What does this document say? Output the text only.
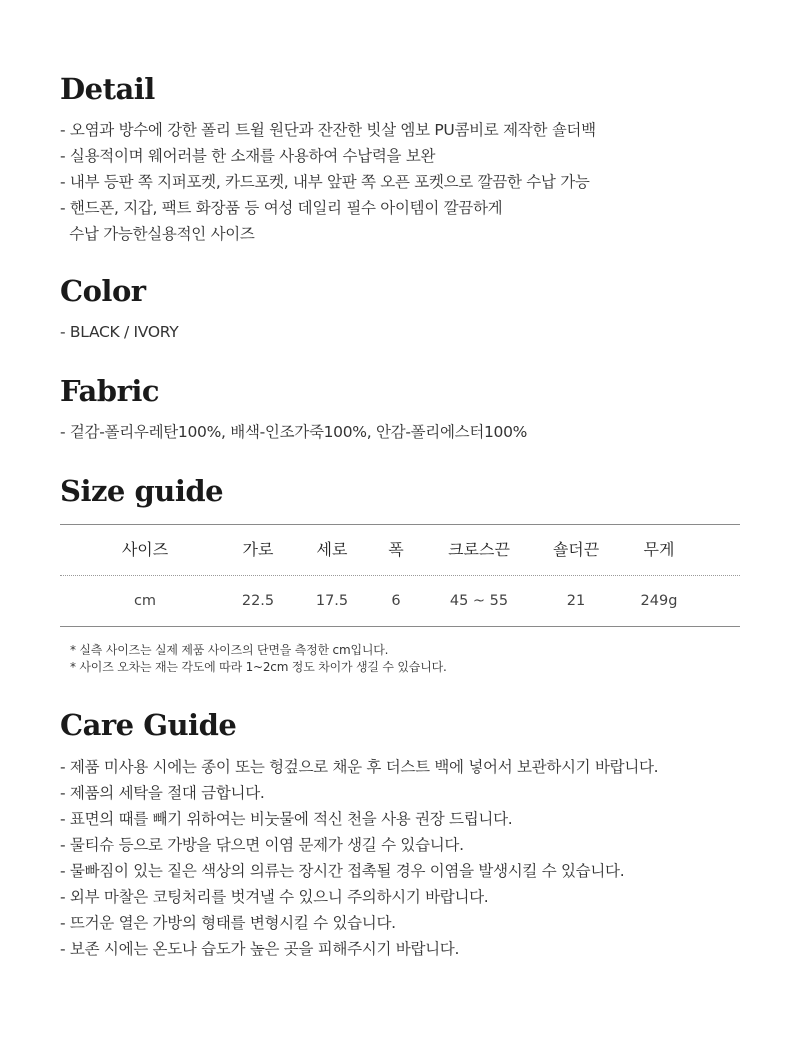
Detail
- 오염과 방수에 강한 폴리 트윌 원단과 잔잔한 빗살 엠보 PU콤비로 제작한 숄더백
- 실용적이며 웨어러블 한 소재를 사용하여 수납력을 보완
- 내부 등판 쪽 지퍼포켓, 카드포켓, 내부 앞판 쪽 오픈 포켓으로 깔끔한 수납 가능
- 핸드폰, 지갑, 팩트 화장품 등 여성 데일리 필수 아이템이 깔끔하게
수납 가능한실용적인 사이즈
Color
- BLACK / IVORY
Fabric
- 겉감-폴리우레탄100%, 배색-인조가죽100%, 안감-폴리에스터100%
Size guide
사이즈	가로	세로	폭	크로스끈	숄더끈	무게
cm	22.5	17.5	6	45 ~ 55	21	249g
* 실측 사이즈는 실제 제품 사이즈의 단면을 측정한 cm입니다.
* 사이즈 오차는 재는 각도에 따라 1~2cm 정도 차이가 생길 수 있습니다.
Care Guide
- 제품 미사용 시에는 종이 또는 헝겊으로 채운 후 더스트 백에 넣어서 보관하시기 바랍니다.
- 제품의 세탁을 절대 금합니다.
- 표면의 때를 빼기 위하여는 비눗물에 적신 천을 사용 권장 드립니다.
- 물티슈 등으로 가방을 닦으면 이염 문제가 생길 수 있습니다.
- 물빠짐이 있는 짙은 색상의 의류는 장시간 접촉될 경우 이염을 발생시킬 수 있습니다.
- 외부 마찰은 코팅처리를 벗겨낼 수 있으니 주의하시기 바랍니다.
- 뜨거운 열은 가방의 형태를 변형시킬 수 있습니다.
- 보존 시에는 온도나 습도가 높은 곳을 피해주시기 바랍니다.
